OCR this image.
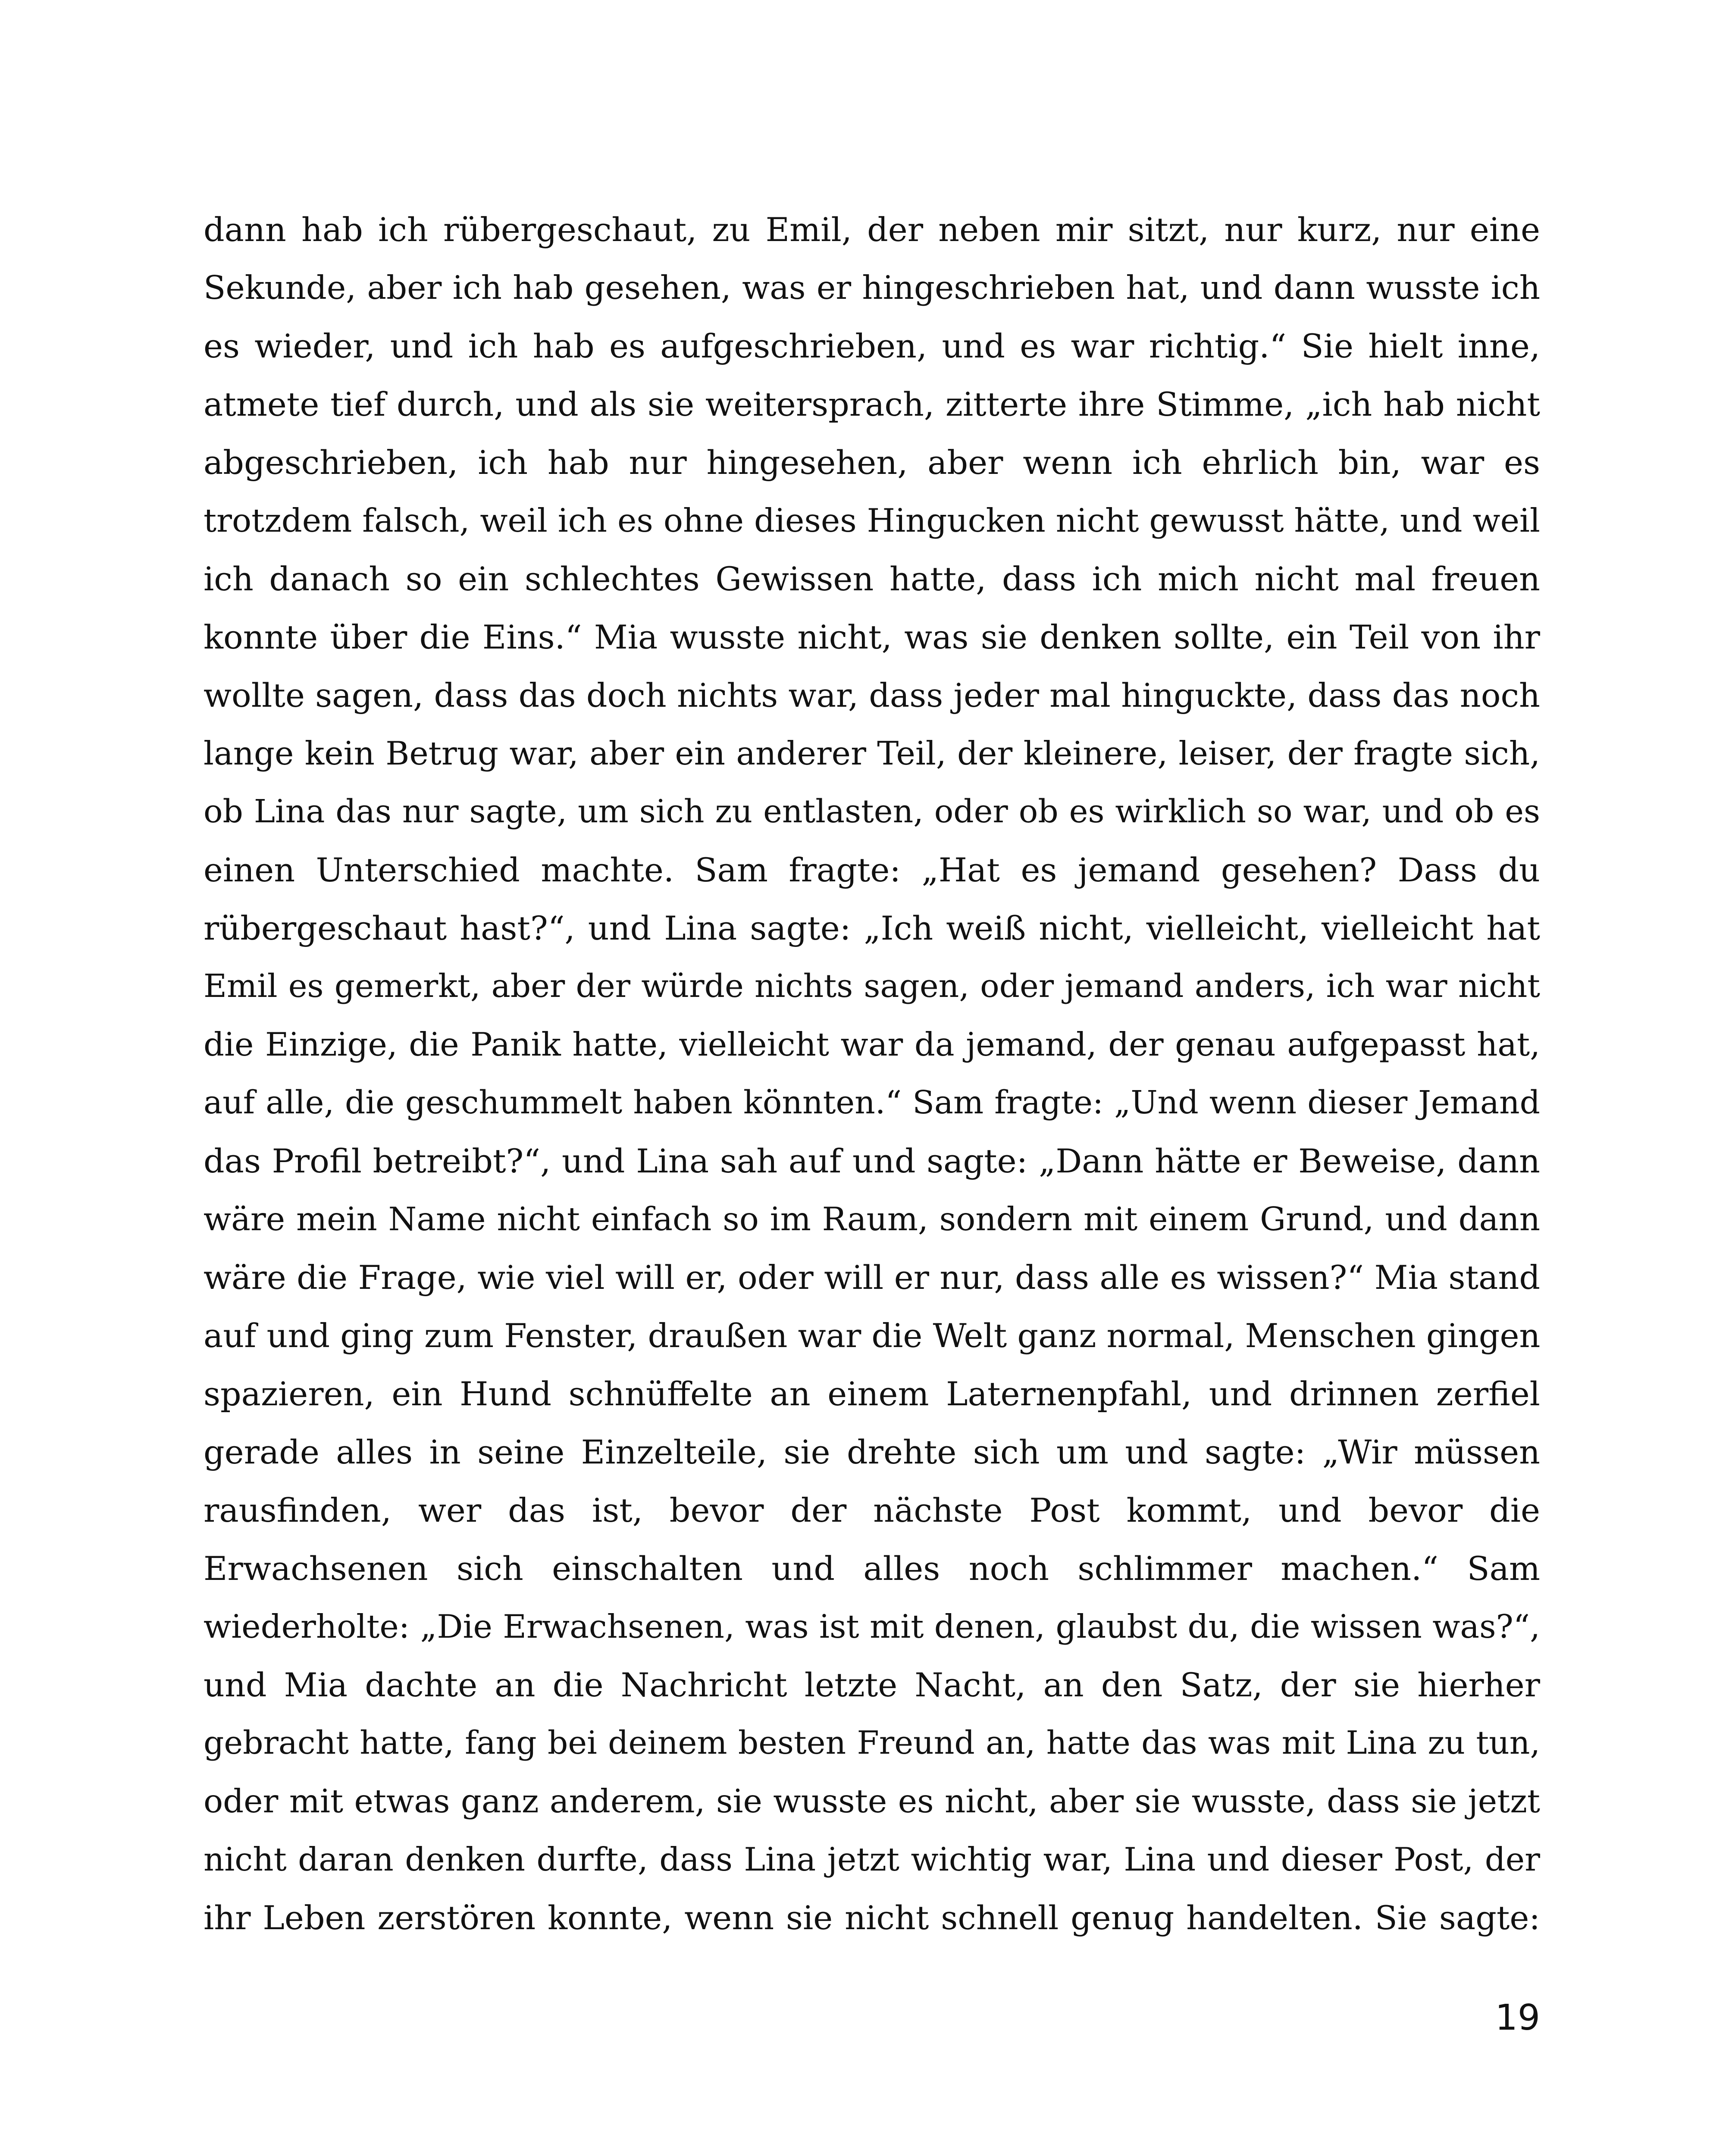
dann hab ich rübergeschaut, zu Emil, der neben mir sitzt, nur kurz, nur eine
Sekunde, aber ich hab gesehen, was er hingeschrieben hat, und dann wusste ich
es wieder, und ich hab es aufgeschrieben, und es war richtig.“ Sie hielt inne,
atmete tief durch, und als sie weitersprach, zitterte ihre Stimme, „ich hab nicht
abgeschrieben, ich hab nur hingesehen, aber wenn ich ehrlich bin, war es
trotzdem falsch, weil ich es ohne dieses Hingucken nicht gewusst hätte, und weil
ich danach so ein schlechtes Gewissen hatte, dass ich mich nicht mal freuen
konnte über die Eins.“ Mia wusste nicht, was sie denken sollte, ein Teil von ihr
wollte sagen, dass das doch nichts war, dass jeder mal hinguckte, dass das noch
lange kein Betrug war, aber ein anderer Teil, der kleinere, leiser, der fragte sich,
ob Lina das nur sagte, um sich zu entlasten, oder ob es wirklich so war, und ob es
einen Unterschied machte. Sam fragte: „Hat es jemand gesehen? Dass du
rübergeschaut hast?“, und Lina sagte: „Ich weiß nicht, vielleicht, vielleicht hat
Emil es gemerkt, aber der würde nichts sagen, oder jemand anders, ich war nicht
die Einzige, die Panik hatte, vielleicht war da jemand, der genau aufgepasst hat,
auf alle, die geschummelt haben könnten.“ Sam fragte: „Und wenn dieser Jemand
das Profil betreibt?“, und Lina sah auf und sagte: „Dann hätte er Beweise, dann
wäre mein Name nicht einfach so im Raum, sondern mit einem Grund, und dann
wäre die Frage, wie viel will er, oder will er nur, dass alle es wissen?“ Mia stand
auf und ging zum Fenster, draußen war die Welt ganz normal, Menschen gingen
spazieren, ein Hund schnüffelte an einem Laternenpfahl, und drinnen zerfiel
gerade alles in seine Einzelteile, sie drehte sich um und sagte: „Wir müssen
rausfinden, wer das ist, bevor der nächste Post kommt, und bevor die
Erwachsenen sich einschalten und alles noch schlimmer machen.“ Sam
wiederholte: „Die Erwachsenen, was ist mit denen, glaubst du, die wissen was?“,
und Mia dachte an die Nachricht letzte Nacht, an den Satz, der sie hierher
gebracht hatte, fang bei deinem besten Freund an, hatte das was mit Lina zu tun,
oder mit etwas ganz anderem, sie wusste es nicht, aber sie wusste, dass sie jetzt
nicht daran denken durfte, dass Lina jetzt wichtig war, Lina und dieser Post, der
ihr Leben zerstören konnte, wenn sie nicht schnell genug handelten. Sie sagte:
19
